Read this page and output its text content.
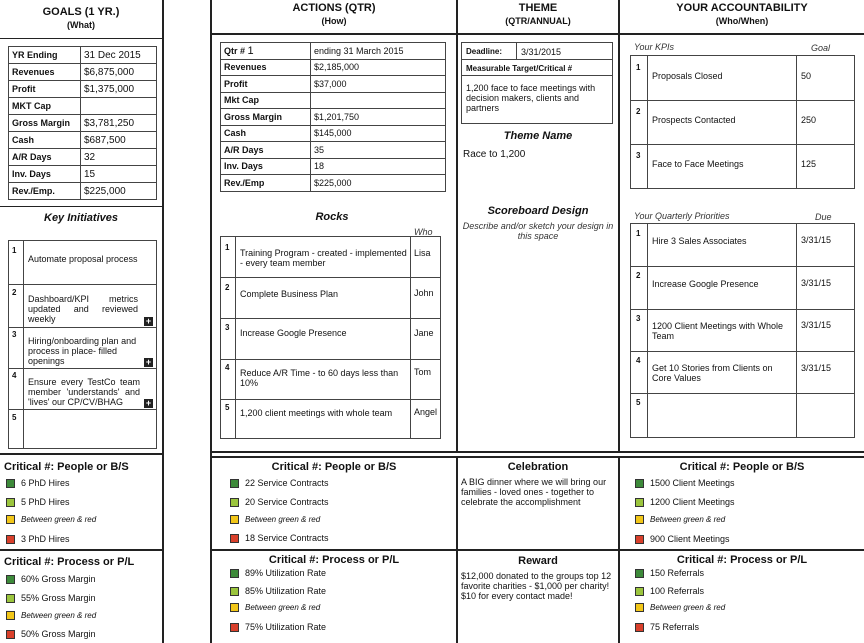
GOALS (1 YR.)
(What)
YR Ending	31 Dec 2015
Revenues	$6,875,000
Profit	$1,375,000
MKT Cap	
Gross Margin	$3,781,250
Cash	$687,500
A/R Days	32
Inv. Days	15
Rev./Emp.	$225,000
Key Initiatives
1
Automate proposal process
2
Dashboard/KPI metrics updated and reviewed weekly	+
3
Hiring/onboarding plan and process in place- filled openings	+
4
Ensure every TestCo team member 'understands' and 'lives' our CP/CV/BHAG	+
5
ACTIONS (QTR)
(How)
Qtr # 1	ending 31 March 2015
Revenues	$2,185,000
Profit	$37,000
Mkt Cap	
Gross Margin	$1,201,750
Cash	$145,000
A/R Days	35
Inv. Days	18
Rev./Emp	$225,000
Rocks
Who
1
Training Program - created - implemented - every team member
Lisa
2
Complete Business Plan	John
3
Increase Google Presence	Jane
4
Reduce A/R Time - to 60 days less than 10%
Tom
5
1,200 client meetings with whole team	Angel
THEME
(QTR/ANNUAL)
Deadline: 3/31/2015
Measurable Target/Critical #
1,200 face to face meetings with decision makers, clients and partners
Theme Name
Race to 1,200
Scoreboard Design
Describe and/or sketch your design in this space
YOUR ACCOUNTABILITY
(Who/When)
Your KPIs	Goal
1
Proposals Closed	50
2
Prospects Contacted	250
3
Face to Face Meetings	125
Your Quarterly Priorities	Due
1
Hire 3 Sales Associates	3/31/15
2
Increase Google Presence	3/31/15
3
1200 Client Meetings with Whole Team
3/31/15
4
Get 10 Stories from Clients on Core Values
3/31/15
5
Critical #: People or B/S
6 PhD Hires
5 PhD Hires
Between green & red
3 PhD Hires
Critical #: Process or P/L
60% Gross Margin
55% Gross Margin
Between green & red
50% Gross Margin
Critical #: People or B/S
22 Service Contracts
20 Service Contracts
Between green & red
18 Service Contracts
Critical #: Process or P/L
89% Utilization Rate
85% Utilization Rate
Between green & red
75% Utilization Rate
Celebration
A BIG dinner where we will bring our families - loved ones - together to celebrate the accomplishment
Reward
$12,000 donated to the groups top 12 favorite charities - $1,000 per charity! $10 for every contact made!
Critical #: People or B/S
1500 Client Meetings
1200 Client Meetings
Between green & red
900 Client Meetings
Critical #: Process or P/L
150 Referrals
100 Referrals
Between green & red
75 Referrals
